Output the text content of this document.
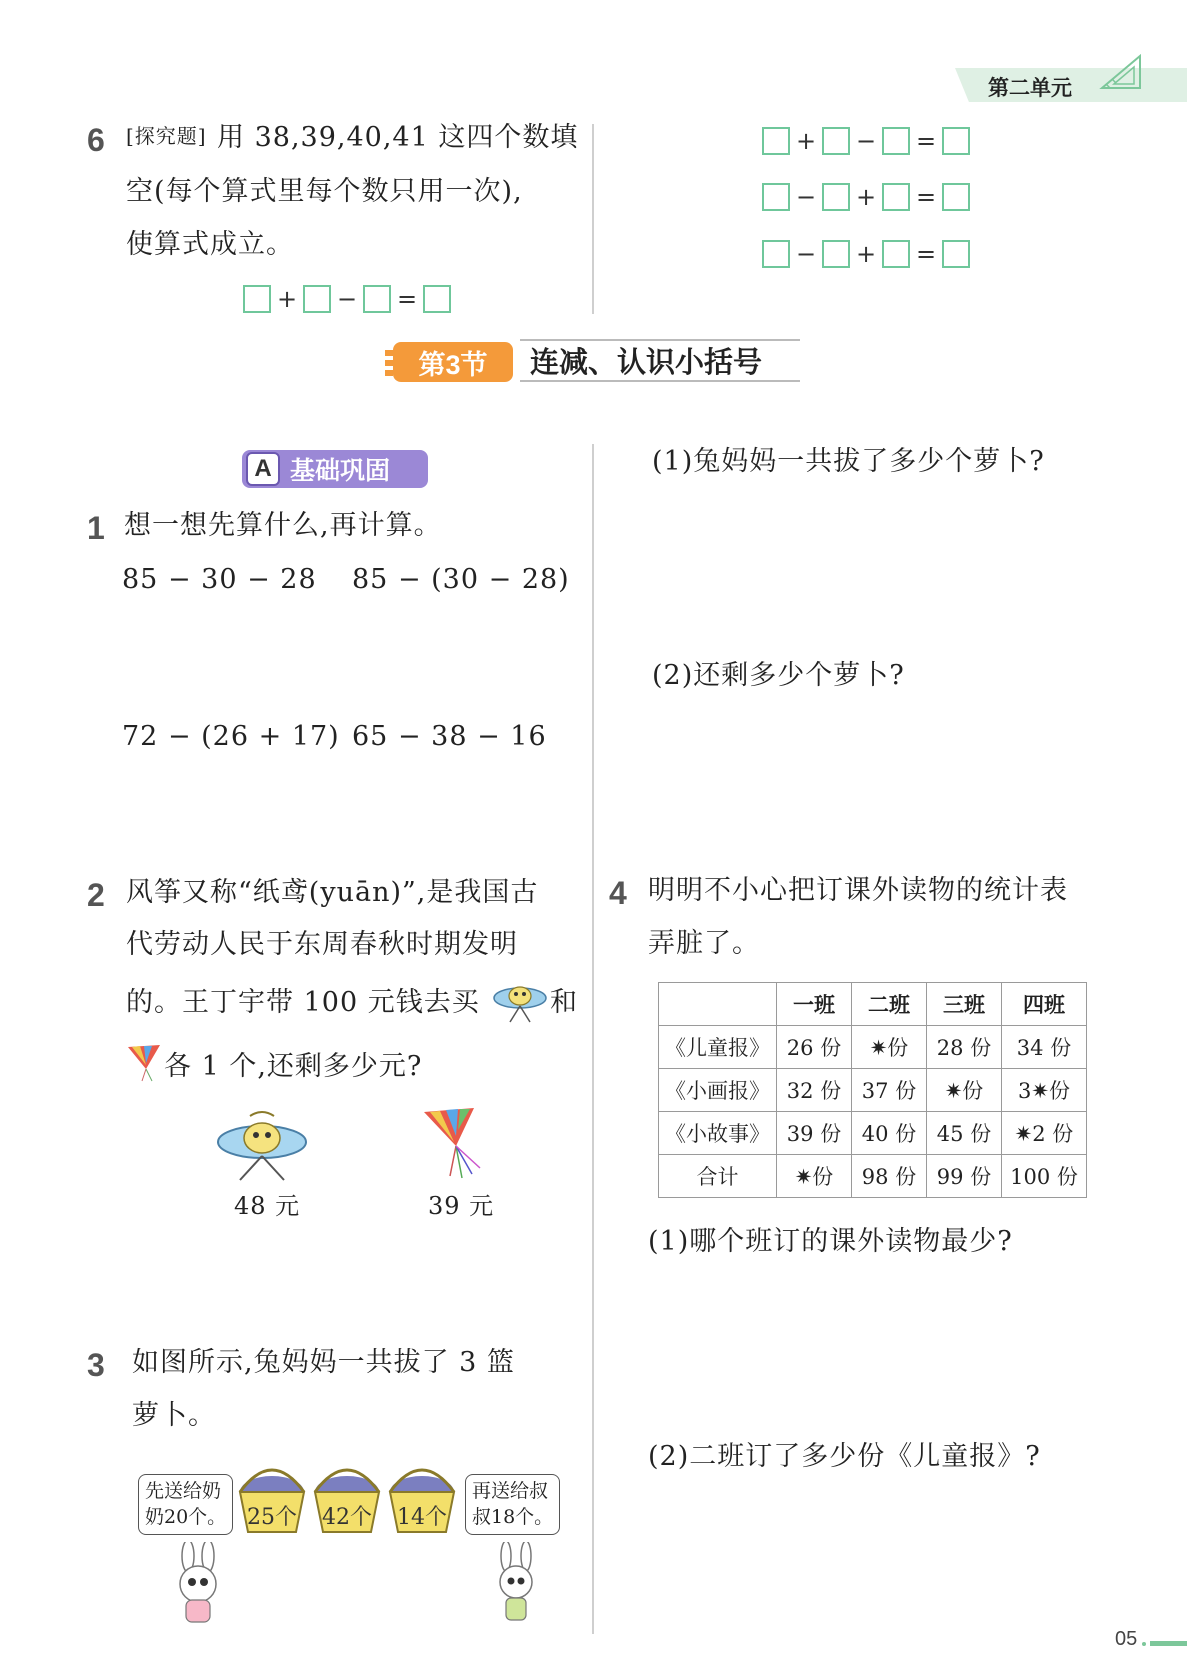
第二单元
6 [探究题] 用 38,39,40,41 这四个数填
空(每个算式里每个数只用一次),
使算式成立。
+ − =
+ − =
− + =
− + =
第3节	连减、认识小括号
A 基础巩固
1 想一想先算什么,再计算。
85 − 30 − 28 85 − (30 − 28)
72 − (26 + 17) 65 − 38 − 16
(1)兔妈妈一共拔了多少个萝卜?
(2)还剩多少个萝卜?
2 风筝又称“纸鸢(yuān)”,是我国古
代劳动人民于东周春秋时期发明
的。王丁宇带 100 元钱去买	和
各 1 个,还剩多少元?
48 元	39 元
4 明明不小心把订课外读物的统计表
弄脏了。
	一班	二班	三班	四班
《儿童报》	26 份	✷份	28 份	34 份
《小画报》	32 份	37 份	✷份	3✷份
《小故事》	39 份	40 份	45 份	✷2 份
合计	✷份	98 份	99 份	100 份
(1)哪个班订的课外读物最少?
(2)二班订了多少份《儿童报》?
3 如图所示,兔妈妈一共拔了 3 篮
萝卜。
先送给奶
奶20个。
再送给叔
叔18个。
25个 42个 14个
05
